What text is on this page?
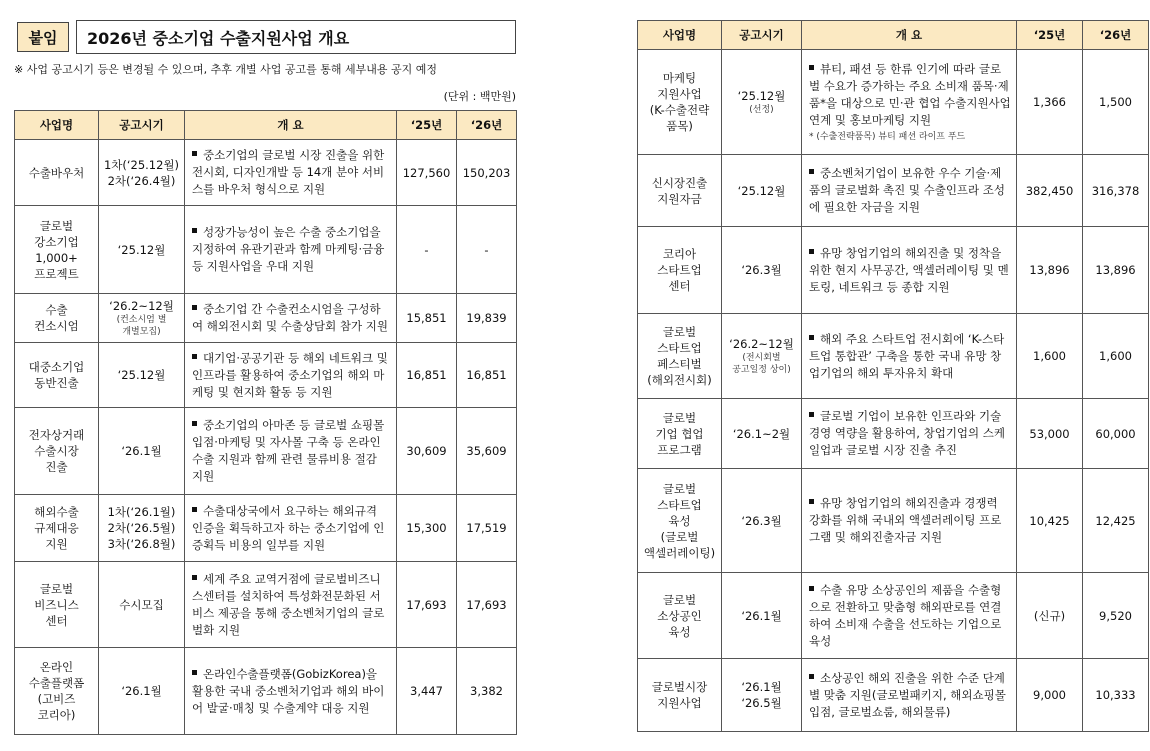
붙임	2026년 중소기업 수출지원사업 개요
※ 사업 공고시기 등은 변경될 수 있으며, 추후 개별 사업 공고를 통해 세부내용 공지 예정
(단위 : 백만원)
사업명	공고시기	개 요	‘25년	‘26년
수출바우처	1차(‘25.12월)
2차(‘26.4월)	중소기업의 글로벌 시장 진출을 위한 전시회, 디자인개발 등 14개 분야 서비스를 바우처 형식으로 지원	127,560	150,203
글로벌
강소기업
1,000+
프로젝트	‘25.12월	성장가능성이 높은 수출 중소기업을 지정하여 유관기관과 함께 마케팅·금융 등 지원사업을 우대 지원	-	-
수출
컨소시엄	‘26.2~12월
(컨소시엄 별
개별모집)	중소기업 간 수출컨소시엄을 구성하여 해외전시회 및 수출상담회 참가 지원	15,851	19,839
대중소기업
동반진출	‘25.12월	대기업·공공기관 등 해외 네트워크 및 인프라를 활용하여 중소기업의 해외 마케팅 및 현지화 활동 등 지원	16,851	16,851
전자상거래
수출시장
진출	‘26.1월	중소기업의 아마존 등 글로벌 쇼핑몰 입점·마케팅 및 자사몰 구축 등 온라인 수출 지원과 함께 관련 물류비용 절감 지원	30,609	35,609
해외수출
규제대응
지원	1차(‘26.1월)
2차(‘26.5월)
3차(‘26.8월)	수출대상국에서 요구하는 해외규격 인증을 획득하고자 하는 중소기업에 인증획득 비용의 일부를 지원	15,300	17,519
글로벌
비즈니스
센터	수시모집	세계 주요 교역거점에 글로벌비즈니스센터를 설치하여 특성화전문화된 서비스 제공을 통해 중소벤처기업의 글로벌화 지원	17,693	17,693
온라인
수출플랫폼
(고비즈
코리아)	‘26.1월	온라인수출플랫폼(GobizKorea)을 활용한 국내 중소벤처기업과 해외 바이어 발굴·매칭 및 수출계약 대응 지원	3,447	3,382
사업명	공고시기	개 요	‘25년	‘26년
마케팅
지원사업
(K-수출전략
품목)	‘25.12월
(선정)	뷰티, 패션 등 한류 인기에 따라 글로벌 수요가 증가하는 주요 소비재 품목·제품*을 대상으로 민·관 협업 수출지원사업 연계 및 홍보마케팅 지원
* (수출전략품목) 뷰티 패션 라이프 푸드	1,366	1,500
신시장진출
지원자금	‘25.12월	중소벤처기업이 보유한 우수 기술·제품의 글로벌화 촉진 및 수출인프라 조성에 필요한 자금을 지원	382,450	316,378
코리아
스타트업
센터	‘26.3월	유망 창업기업의 해외진출 및 정착을 위한 현지 사무공간, 액셀러레이팅 및 멘토링, 네트워크 등 종합 지원	13,896	13,896
글로벌
스타트업
페스티벌
(해외전시회)	‘26.2~12월
(전시회별
공고일정 상이)	해외 주요 스타트업 전시회에 ‘K-스타트업 통합관’ 구축을 통한 국내 유망 창업기업의 해외 투자유치 확대	1,600	1,600
글로벌
기업 협업
프로그램	‘26.1~2월	글로벌 기업이 보유한 인프라와 기술 경영 역량을 활용하여, 창업기업의 스케일업과 글로벌 시장 진출 추진	53,000	60,000
글로벌
스타트업
육성
(글로벌
액셀러레이팅)	‘26.3월	유망 창업기업의 해외진출과 경쟁력 강화를 위해 국내외 액셀러레이팅 프로그램 및 해외진출자금 지원	10,425	12,425
글로벌
소상공인
육성	‘26.1월	수출 유망 소상공인의 제품을 수출형으로 전환하고 맞춤형 해외판로를 연결하여 소비재 수출을 선도하는 기업으로 육성	(신규)	9,520
글로벌시장
지원사업	‘26.1월
‘26.5월	소상공인 해외 진출을 위한 수준 단계별 맞춤 지원(글로벌패키지, 해외쇼핑몰입점, 글로벌쇼룸, 해외물류)	9,000	10,333
